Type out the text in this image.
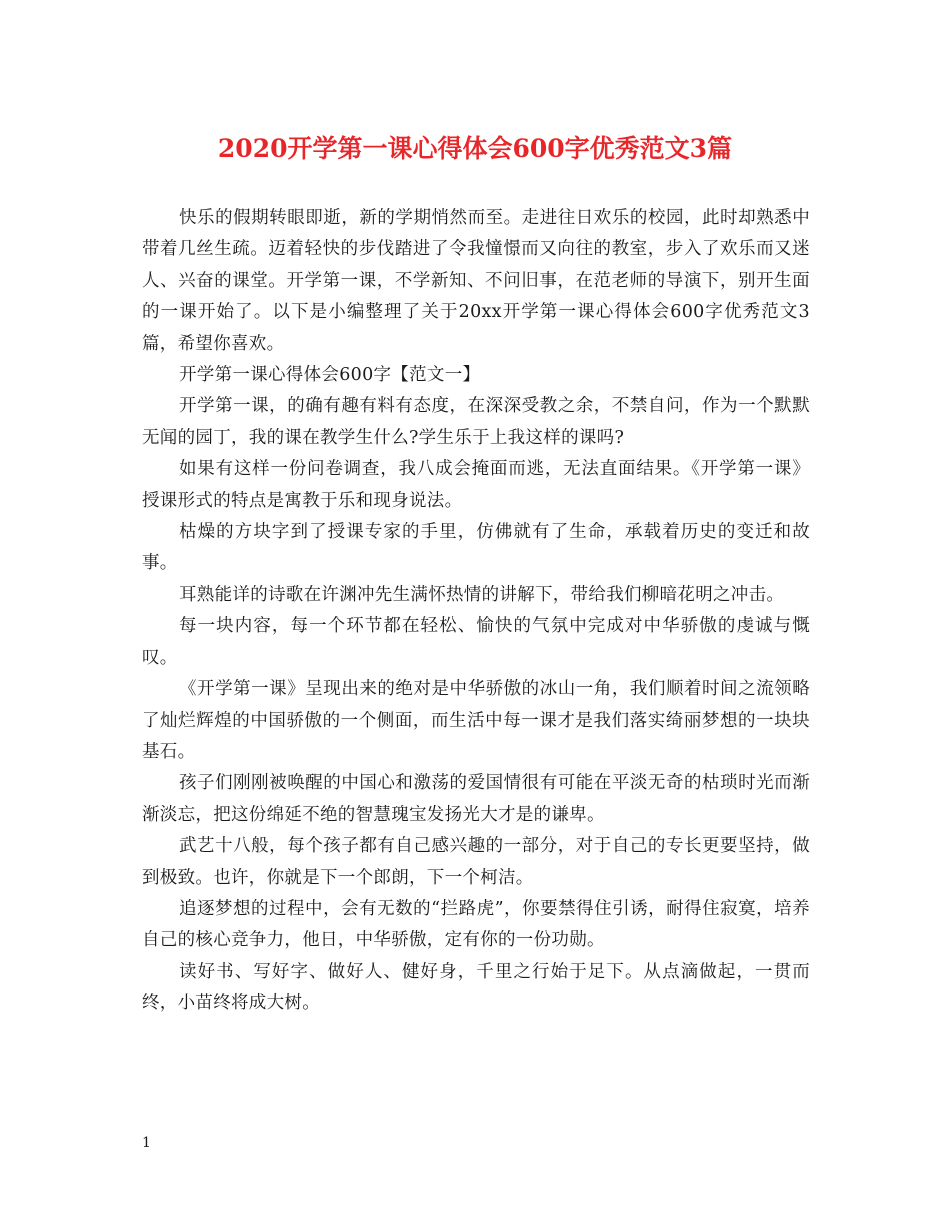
2020开学第一课心得体会600字优秀范文3篇

快乐的假期转眼即逝，新的学期悄然而至。走进往日欢乐的校园，此时却熟悉中带着几丝生疏。迈着轻快的步伐踏进了令我憧憬而又向往的教室，步入了欢乐而又迷人、兴奋的课堂。开学第一课，不学新知、不问旧事，在范老师的导演下，别开生面的一课开始了。以下是小编整理了关于20xx开学第一课心得体会600字优秀范文3篇，希望你喜欢。

开学第一课心得体会600字【范文一】

开学第一课，的确有趣有料有态度，在深深受教之余，不禁自问，作为一个默默无闻的园丁，我的课在教学生什么?学生乐于上我这样的课吗?

如果有这样一份问卷调查，我八成会掩面而逃，无法直面结果。《开学第一课》授课形式的特点是寓教于乐和现身说法。

枯燥的方块字到了授课专家的手里，仿佛就有了生命，承载着历史的变迁和故事。

耳熟能详的诗歌在许渊冲先生满怀热情的讲解下，带给我们柳暗花明之冲击。

每一块内容，每一个环节都在轻松、愉快的气氛中完成对中华骄傲的虔诚与慨叹。

《开学第一课》呈现出来的绝对是中华骄傲的冰山一角，我们顺着时间之流领略了灿烂辉煌的中国骄傲的一个侧面，而生活中每一课才是我们落实绮丽梦想的一块块基石。

孩子们刚刚被唤醒的中国心和激荡的爱国情很有可能在平淡无奇的枯琐时光而渐渐淡忘，把这份绵延不绝的智慧瑰宝发扬光大才是的谦卑。

武艺十八般，每个孩子都有自己感兴趣的一部分，对于自己的专长更要坚持，做到极致。也许，你就是下一个郎朗，下一个柯洁。

追逐梦想的过程中，会有无数的“拦路虎”，你要禁得住引诱，耐得住寂寞，培养自己的核心竞争力，他日，中华骄傲，定有你的一份功勋。

读好书、写好字、做好人、健好身，千里之行始于足下。从点滴做起，一贯而终，小苗终将成大树。

1
